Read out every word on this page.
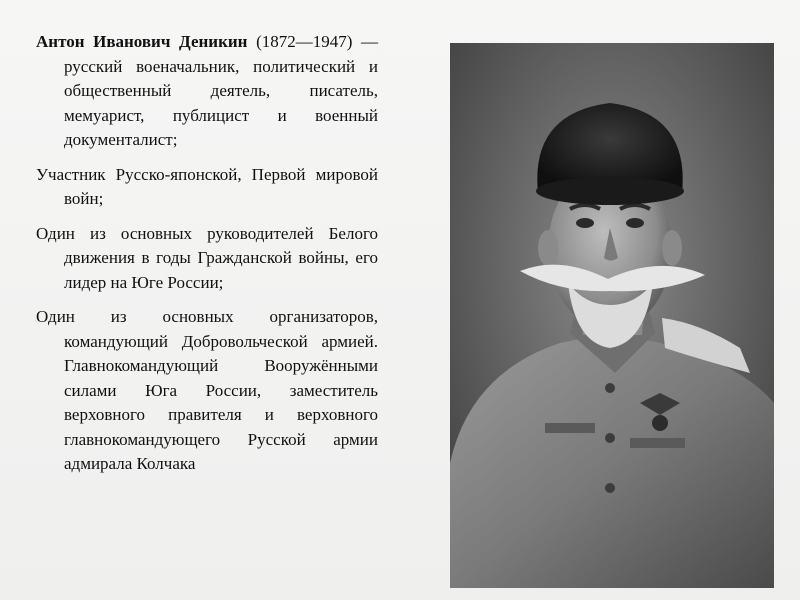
Антон Иванович Деникин (1872—1947) — русский военачальник, политический и общественный деятель, писатель, мемуарист, публицист и военный документалист;

Участник Русско-японской, Первой мировой войн;

Один из основных руководителей Белого движения в годы Гражданской войны, его лидер на Юге России;

Один из основных организаторов, командующий Добровольческой армией. Главнокомандующий Вооружёнными силами Юга России, заместитель верховного правителя и верховного главнокомандующего Русской армии адмирала Колчака
